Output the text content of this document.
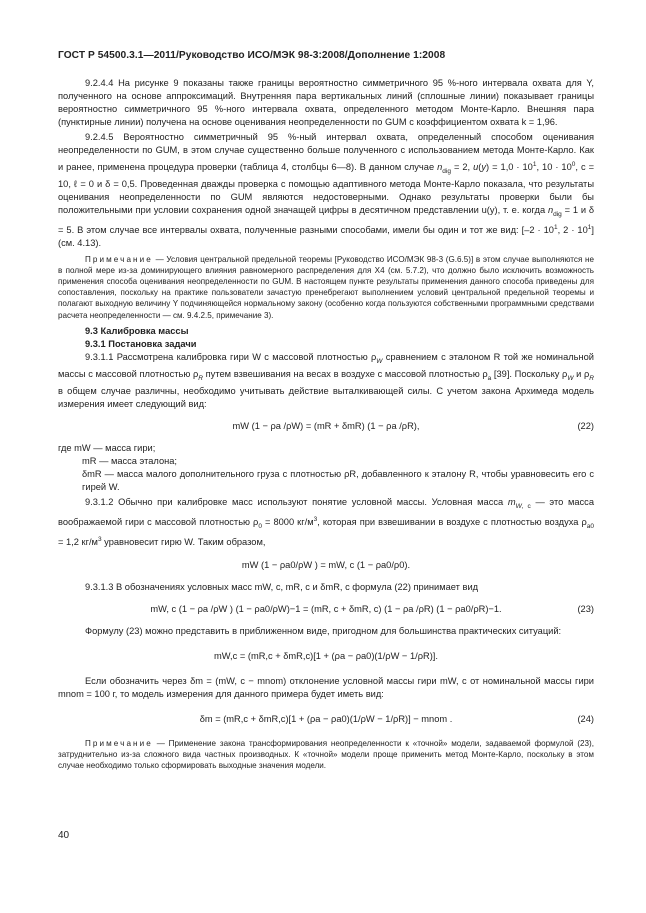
ГОСТ Р 54500.3.1—2011/Руководство ИСО/МЭК 98-3:2008/Дополнение 1:2008

9.2.4.4 На рисунке 9 показаны также границы вероятностно симметричного 95 %-ного интервала охвата для Y, полученного на основе аппроксимаций. Внутренняя пара вертикальных линий (сплошные линии) показывает границы вероятностно симметричного 95 %-ного интервала охвата, определенного методом Монте-Карло. Внешняя пара (пунктирные линии) получена на основе оценивания неопределенности по GUM с коэффициентом охвата k = 1,96.

9.2.4.5 Вероятностно симметричный 95 %-ный интервал охвата, определенный способом оценивания неопределенности по GUM, в этом случае существенно больше полученного с использованием метода Монте-Карло. Как и ранее, применена процедура проверки (таблица 4, столбцы 6—8). В данном случае $n_{dig} = 2$, $u(y) = 1,0 \cdot 10^1$, $10 \cdot 10^0$, c = 10, ℓ = 0 и δ = 0,5. Проведенная дважды проверка с помощью адаптивного метода Монте-Карло показала, что результаты оценивания неопределенности по GUM являются недостоверными. Однако результаты проверки были бы положительными при условии сохранения одной значащей цифры в десятичном представлении u(y), т. е. когда $n_{dig} = 1$ и δ = 5. В этом случае все интервалы охвата, полученные разными способами, имели бы один и тот же вид: [$-2 \cdot 10^1$, $2 \cdot 10^1$] (см. 4.13).

Примечание — Условия центральной предельной теоремы [Руководство ИСО/МЭК 98-3 (G.6.5)] в этом случае выполняются не в полной мере из-за доминирующего влияния равномерного распределения для X4 (см. 5.7.2), что должно было исключить возможность применения способа оценивания неопределенности по GUM. В настоящем пункте результаты применения данного способа приведены для сопоставления, поскольку на практике пользователи зачастую пренебрегают выполнением условий центральной предельной теоремы и полагают выходную величину Y подчиняющейся нормальному закону (особенно когда пользуются собственными программными средствами расчета неопределенности — см. 9.4.2.5, примечание 3).

9.3 Калибровка массы

9.3.1 Постановка задачи

9.3.1.1 Рассмотрена калибровка гири W с массовой плотностью $\rho_W$ сравнением с эталоном R той же номинальной массы с массовой плотностью $\rho_R$ путем взвешивания на весах в воздухе с массовой плотностью $\rho_a$ [39]. Поскольку $\rho_W$ и $\rho_R$ в общем случае различны, необходимо учитывать действие выталкивающей силы. С учетом закона Архимеда модель измерения имеет следующий вид:

mW (1 − ρa /ρW) = (mR + δmR) (1 − ρa /ρR),	(22)
где mW — масса гири;
mR — масса эталона;
δmR — масса малого дополнительного груза с плотностью ρR, добавленного к эталону R, чтобы уравновесить его с гирей W.

9.3.1.2 Обычно при калибровке масс используют понятие условной массы. Условная масса $m_{W, c}$ — это масса воображаемой гири с массовой плотностью $\rho_0 = 8000$ $кг/м^3$, которая при взвешивании в воздухе с плотностью воздуха $\rho_{a0} = 1,2$ $кг/м^3$ уравновесит гирю W. Таким образом,

mW (1 − ρa0/ρW ) = mW, c (1 − ρa0/ρ0).

9.3.1.3 В обозначениях условных масс mW, c, mR, c и δmR, c формула (22) принимает вид

mW, c (1 − ρa /ρW ) (1 − ρa0/ρW)−1 = (mR, c + δmR, c) (1 − ρa /ρR) (1 − ρa0/ρR)−1.	(23)

Формулу (23) можно представить в приближенном виде, пригодном для большинства практических ситуаций:

mW,c = (mR,c + δmR,c)[1 + (ρa − ρa0)(1/ρW − 1/ρR)].

Если обозначить через δm = (mW, c − mnom) отклонение условной массы гири mW, c от номинальной массы гири mnom = 100 г, то модель измерения для данного примера будет иметь вид:

δm = (mR,c + δmR,c)[1 + (ρa − ρa0)(1/ρW − 1/ρR)] − mnom .	(24)

Примечание — Применение закона трансформирования неопределенности к «точной» модели, задаваемой формулой (23), затруднительно из-за сложного вида частных производных. К «точной» модели проще применить метод Монте-Карло, поскольку в этом случае необходимо только сформировать выходные значения модели.

40
